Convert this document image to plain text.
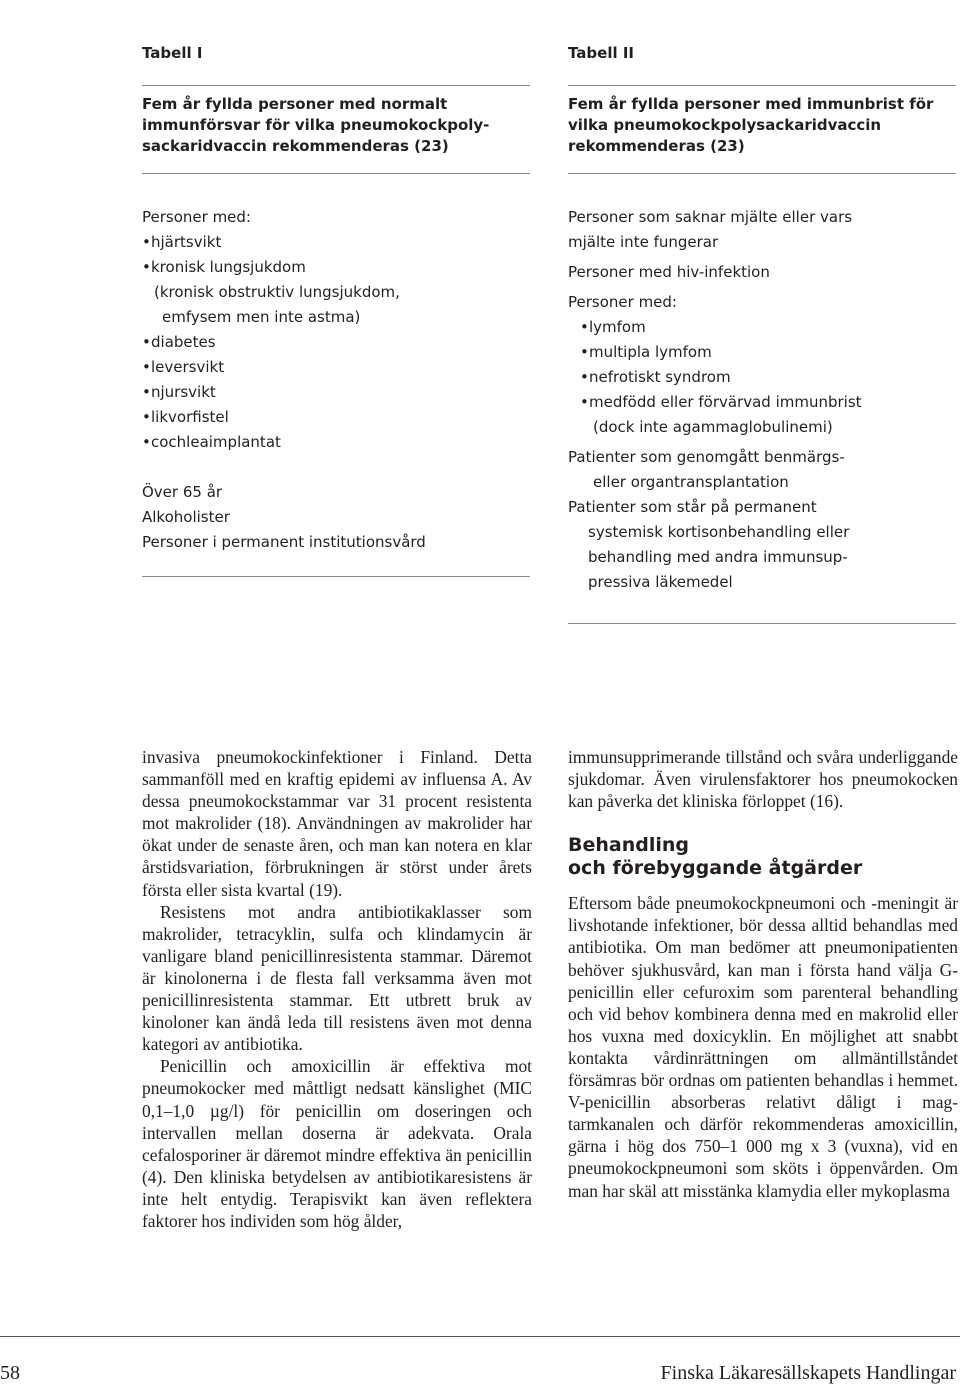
Tabell I
Fem år fyllda personer med normalt
immunförsvar för vilka pneumokockpoly-
sackaridvaccin rekommenderas (23)
Personer med:
•hjärtsvikt
•kronisk lungsjukdom
(kronisk obstruktiv lungsjukdom,
emfysem men inte astma)
•diabetes
•leversvikt
•njursvikt
•likvorfistel
•cochleaimplantat
Över 65 år
Alkoholister
Personer i permanent institutionsvård
Tabell II
Fem år fyllda personer med immunbrist för
vilka pneumokockpolysackaridvaccin
rekommenderas (23)
Personer som saknar mjälte eller vars
mjälte inte fungerar
Personer med hiv-infektion
Personer med:
•lymfom
•multipla lymfom
•nefrotiskt syndrom
•medfödd eller förvärvad immunbrist
(dock inte agammaglobulinemi)
Patienter som genomgått benmärgs-
eller organtransplantation
Patienter som står på permanent
systemisk kortisonbehandling eller
behandling med andra immunsup-
pressiva läkemedel

invasiva pneumokockinfektioner i Finland. Detta sammanföll med en kraftig epidemi av influensa A. Av dessa pneumokockstammar var 31 procent resistenta mot makrolider (18). Användningen av makrolider har ökat under de senaste åren, och man kan notera en klar årstidsvariation, förbrukningen är störst under årets första eller sista kvartal (19).

Resistens mot andra antibiotikaklasser som makrolider, tetracyklin, sulfa och klindamycin är vanligare bland penicillinresistenta stammar. Däremot är kinolonerna i de flesta fall verksamma även mot penicillinresistenta stammar. Ett utbrett bruk av kinoloner kan ändå leda till resistens även mot denna kategori av antibiotika.

Penicillin och amoxicillin är effektiva mot pneumokocker med måttligt nedsatt känslighet (MIC 0,1–1,0 µg/l) för penicillin om doseringen och intervallen mellan doserna är adekvata. Orala cefalosporiner är däremot mindre effektiva än penicillin (4). Den kliniska betydelsen av antibiotikaresistens är inte helt entydig. Terapisvikt kan även reflektera faktorer hos individen som hög ålder,

immunsupprimerande tillstånd och svåra underliggande sjukdomar. Även virulensfaktorer hos pneumokocken kan påverka det kliniska förloppet (16).

Behandling
och förebyggande åtgärder

Eftersom både pneumokockpneumoni och -meningit är livshotande infektioner, bör dessa alltid behandlas med antibiotika. Om man bedömer att pneumonipatienten behöver sjukhusvård, kan man i första hand välja G-penicillin eller cefuroxim som parenteral behandling och vid behov kombinera denna med en makrolid eller hos vuxna med doxicyklin. En möjlighet att snabbt kontakta vårdinrättningen om allmäntillståndet försämras bör ordnas om patienten behandlas i hemmet. V-penicillin absorberas relativt dåligt i mag-tarmkanalen och därför rekommenderas amoxicillin, gärna i hög dos 750–1 000 mg x 3 (vuxna), vid en pneumokockpneumoni som sköts i öppenvården. Om man har skäl att misstänka klamydia eller mykoplasma

58	Finska Läkaresällskapets Handlingar
